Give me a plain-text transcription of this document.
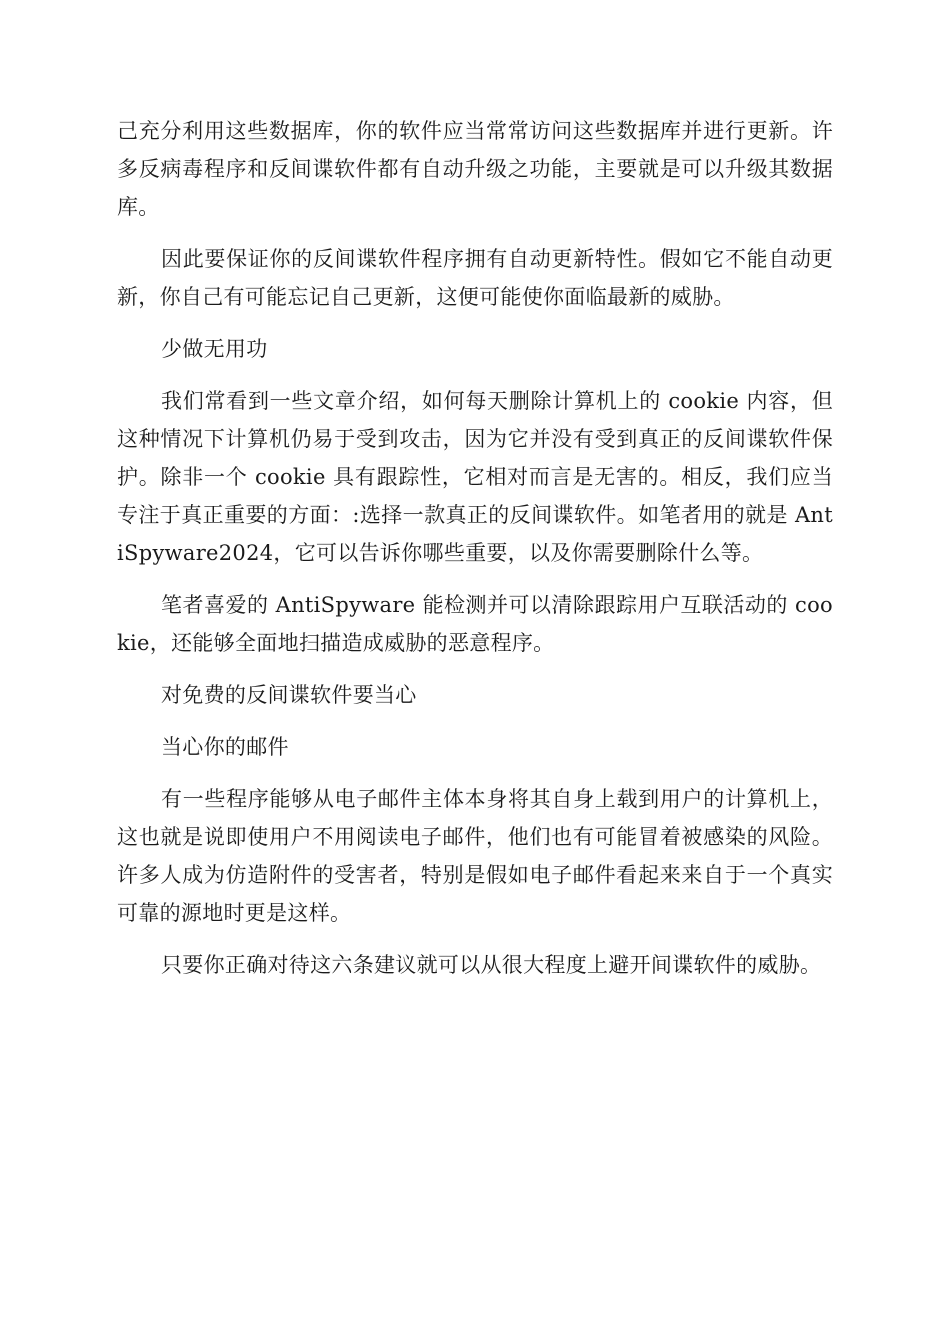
己充分利用这些数据库，你的软件应当常常访问这些数据库并进行更新。许多反病毒程序和反间谍软件都有自动升级之功能，主要就是可以升级其数据库。

因此要保证你的反间谍软件程序拥有自动更新特性。假如它不能自动更新，你自己有可能忘记自己更新，这便可能使你面临最新的威胁。

少做无用功

我们常看到一些文章介绍，如何每天删除计算机上的 cookie 内容，但这种情况下计算机仍易于受到攻击，因为它并没有受到真正的反间谍软件保护。除非一个 cookie 具有跟踪性，它相对而言是无害的。相反，我们应当专注于真正重要的方面：:选择一款真正的反间谍软件。如笔者用的就是 AntiSpyware2024，它可以告诉你哪些重要，以及你需要删除什么等。

笔者喜爱的 AntiSpyware 能检测并可以清除跟踪用户互联活动的 cookie，还能够全面地扫描造成威胁的恶意程序。

对免费的反间谍软件要当心

当心你的邮件

有一些程序能够从电子邮件主体本身将其自身上载到用户的计算机上，这也就是说即使用户不用阅读电子邮件，他们也有可能冒着被感染的风险。许多人成为仿造附件的受害者，特别是假如电子邮件看起来来自于一个真实可靠的源地时更是这样。

只要你正确对待这六条建议就可以从很大程度上避开间谍软件的威胁。
